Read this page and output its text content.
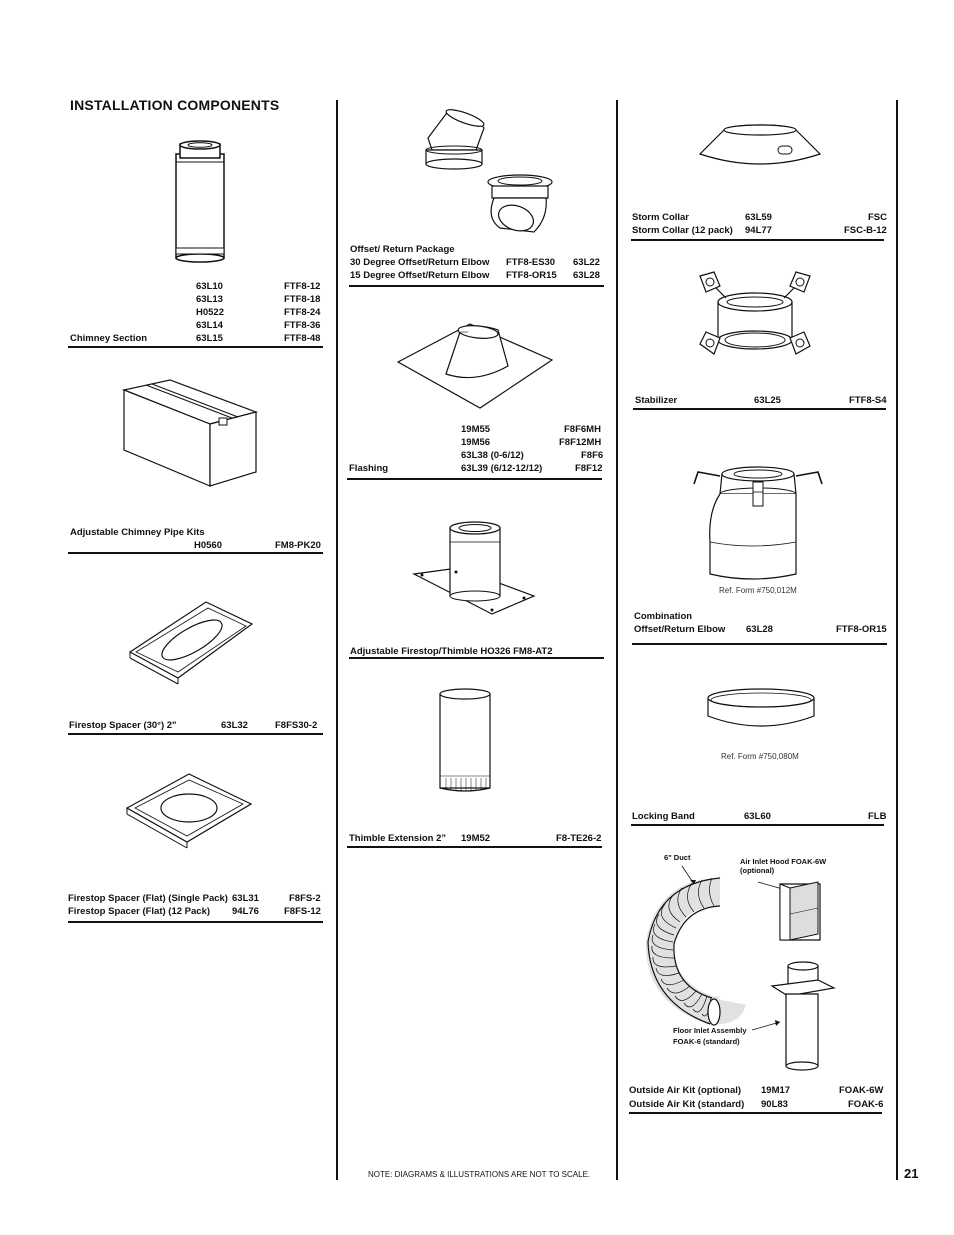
INSTALLATION COMPONENTS
NOTE: DIAGRAMS & ILLUSTRATIONS ARE NOT TO SCALE.	21
63L10	FTF8-12
63L13	FTF8-18
H0522	FTF8-24
63L14	FTF8-36
Chimney Section	63L15	FTF8-48
Adjustable Chimney Pipe Kits
H0560	FM8-PK20
Firestop Spacer (30°) 2"	63L32	F8FS30-2
Firestop Spacer (Flat) (Single Pack) 63L31	F8FS-2
Firestop Spacer (Flat) (12 Pack) 94L76	F8FS-12
Offset/ Return Package
30 Degree Offset/Return Elbow FTF8-ES30 63L22
15 Degree Offset/Return Elbow FTF8-OR15 63L28
19M55	F8F6MH
19M56	F8F12MH
63L38 (0-6/12)	F8F6
Flashing	63L39 (6/12-12/12)	F8F12
Adjustable Firestop/Thimble HO326 FM8-AT2
Thimble Extension 2” 19M52	F8-TE26-2
Storm Collar	63L59	FSC
Storm Collar (12 pack) 94L77	FSC-B-12
Stabilizer	63L25	FTF8-S4
Ref. Form #750,012M
Combination
Offset/Return Elbow 63L28	FTF8-OR15
Ref. Form #750,080M
Locking Band	63L60	FLB
6" Duct	Air Inlet Hood FOAK-6W
(optional)
Floor Inlet Assembly
FOAK-6 (standard)
Outside Air Kit (optional) 19M17	FOAK-6W
Outside Air Kit (standard) 90L83	FOAK-6
